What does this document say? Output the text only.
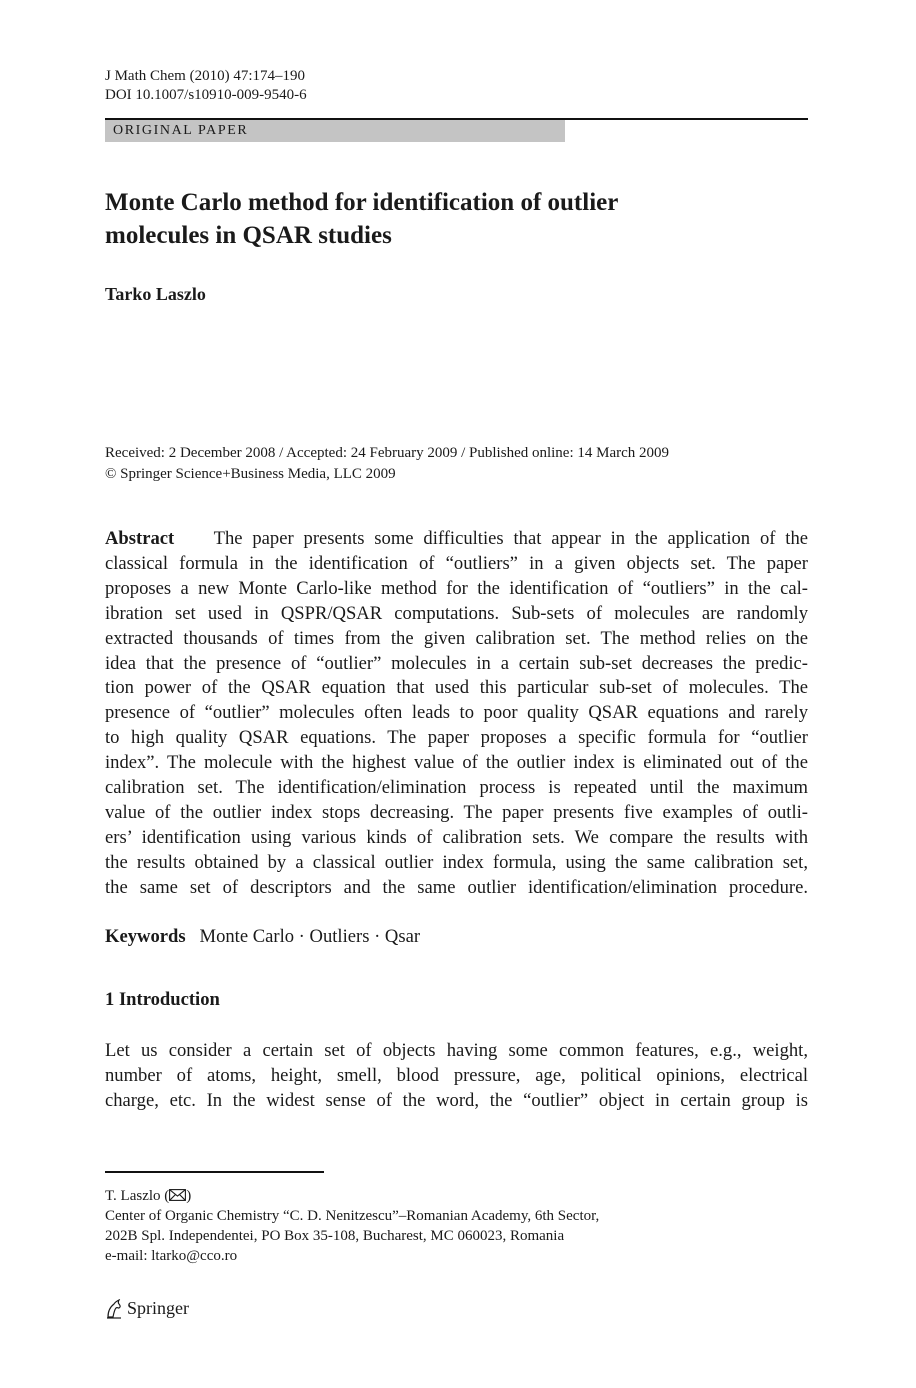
J Math Chem (2010) 47:174–190
DOI 10.1007/s10910-009-9540-6
ORIGINAL PAPER
Monte Carlo method for identification of outlier
molecules in QSAR studies
Tarko Laszlo
Received: 2 December 2008 / Accepted: 24 February 2009 / Published online: 14 March 2009
© Springer Science+Business Media, LLC 2009
Abstract The paper presents some difficulties that appear in the application of the
classical formula in the identification of “outliers” in a given objects set. The paper
proposes a new Monte Carlo-like method for the identification of “outliers” in the cal-
ibration set used in QSPR/QSAR computations. Sub-sets of molecules are randomly
extracted thousands of times from the given calibration set. The method relies on the
idea that the presence of “outlier” molecules in a certain sub-set decreases the predic-
tion power of the QSAR equation that used this particular sub-set of molecules. The
presence of “outlier” molecules often leads to poor quality QSAR equations and rarely
to high quality QSAR equations. The paper proposes a specific formula for “outlier
index”. The molecule with the highest value of the outlier index is eliminated out of the
calibration set. The identification/elimination process is repeated until the maximum
value of the outlier index stops decreasing. The paper presents five examples of outli-
ers’ identification using various kinds of calibration sets. We compare the results with
the results obtained by a classical outlier index formula, using the same calibration set,
the same set of descriptors and the same outlier identification/elimination procedure.
Keywords Monte Carlo · Outliers · Qsar
1 Introduction
Let us consider a certain set of objects having some common features, e.g., weight,
number of atoms, height, smell, blood pressure, age, political opinions, electrical
charge, etc. In the widest sense of the word, the “outlier” object in certain group is
T. Laszlo ( )
Center of Organic Chemistry “C. D. Nenitzescu”–Romanian Academy, 6th Sector,
202B Spl. Independentei, PO Box 35-108, Bucharest, MC 060023, Romania
e-mail: ltarko@cco.ro
Springer
